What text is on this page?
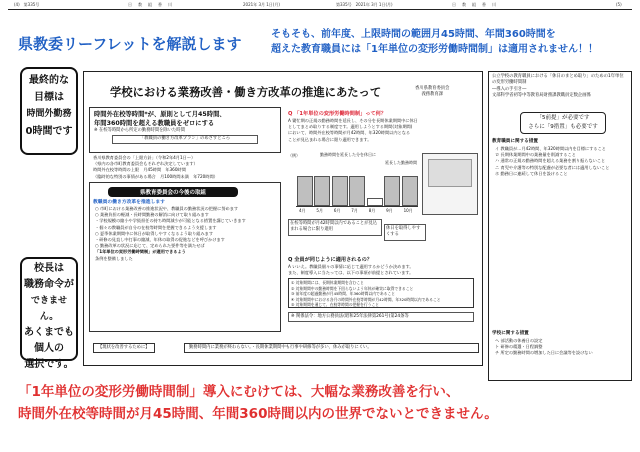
(4)　第335号	日　教　組　香　川	2021年 3月 1日(月)	第335号　2021年 3月 1日(月)	日　教　組　香　川	(5)
県教委リーフレットを解説します
そもそも、前年度、上限時間の範囲月45時間、年間360時間を
超えた教育職員には「1年単位の変形労働時間制」は適用されません！！
最終的な
目標は
時間外勤務
0時間です
校長は
職務命令が
できません。
あくまでも
個人の
選択です。
学校における業務改善・働き方改革の推進にあたって	香川県教育委員会
義務教育課
時間外在校等時間*が、原則として月45時間、
年間360時間を超える教職員をゼロにする
※ 在校等時間から所定の勤務時間を除いた時間
「教職員の働き方改革プラン」のめざすところ
香川県教育委員会の「上限方針」（令和2年4月1日～）
（県内の各市町教育委員会もそれぞれ決定しています）
時間外在校等時間の上限　月45時間　年360時間
（臨時的な特別の事情がある場合　月100時間未満　年720時間）
県教育委員会の今後の取組
教職員の働き方改革を推進します
○ 市町における業務改善の推進状況や、教職員の勤務状況の把握に努めます
○ 業務負担の軽減・長時間勤務の解消に向けて取り組みます
・学校規模の縮小や学級担任の持ち時間減少が可能となる措置を講じていきます
・個々の教職員が自分の在校等時間を把握できるよう支援します
○ 夏季休業期間中に休日が取得しやすくなるよう取り組みます
・研修の見直し中打事の縮減、年休の取得の促進などを呼びかけます
○ 勤務改革の状況に応じて、定められた要件等を満たせば
「1年単位の変形労働時間制」が適用できるよう
条例を整備しました
【現状を改善するために】	勤務時間内に業務が終わらない。・長期休業期間中も行事や研修等が多い、休みが取りにくい。
Q 「1年単位の変形労働時間制」って何？
A 繁忙期の正規の勤務時間を延長し、その分を長期休業期間中に休日
としてまとめ取りする制度です。適用しようとする期間(対象期間)
において、時間外在校等時間が月42時間、年320時間以内となる
ことが見込まれる場合に限り適用できます。
（例）	勤務時間を延長した分を休日に
延長した勤務時間
4月	5月	6月	7月	8月	9月	10月
在校等時間が月42時間以内であることが見込まれる場合に限り適用	休日を取得しやすくする
Q 全員が同じように適用されるの？
A いいえ。教職員個々の事情に応じて適用するかどうか決めます。
また、制度導入に当たっては、以下の事項が前提とされています。
① 対象期間には、長期休業期間を含むこと
② 対象期間中の勤務時間を下回らないよう年休が確実に取得できること
③ 前年度の超過勤務が月45時間、年360時間以内であること
④ 対象期間中における各月の時間外在校等時間が月42時間、年320時間以内であること
⑤ 対象期間を通じて、在校等時間の把握を行うこと
※ 関係法令：地方公務員法(昭和25年法律第261号)第24条等
公立学校の教育職員における「休日のまとめ取り」のための1年単位の変形労働時間制
―導入の手引き―
文部科学省初等中等教育局財務課教職員定数企画係
「5前提」が必要です
さらに「9措置」も必要です
教育職員に関する措置
イ 教職員が…月42時間、年320時間以内を目標にすること
ロ 長期休業期間中の業務量を削減すること
ハ 通常の正規の勤務時間を超える業務を割り振らないこと
ニ 育児や介護等の特別な配慮が必要な者には適用しないこと
ホ 勤務日に連続して休日を設けること
学校に関する措置
ヘ 部活動の休養日の設定
ト 研修の精選・日程調整
チ 所定の勤務時間の増加した日に会議等を設けない
「1年単位の変形労働時間制」導入にむけては、大幅な業務改善を行い、
時間外在校等時間が月45時間、年間360時間以内の世界でないとできません。
